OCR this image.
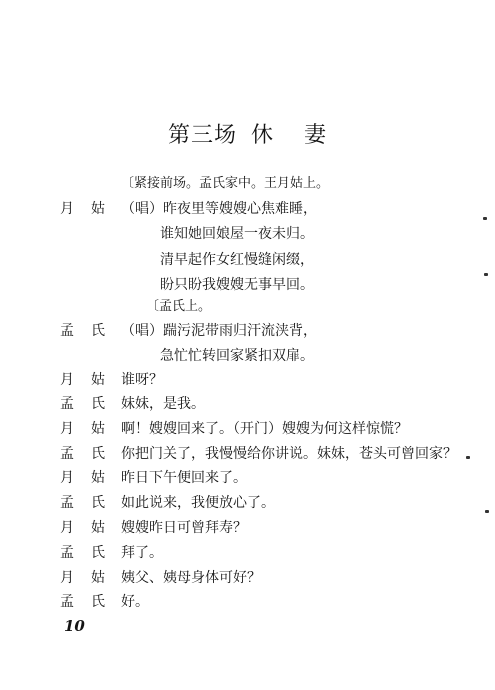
第三场 休 妻
〔紧接前场。孟氏家中。王月姑上。
〔孟氏上。
月 姑 （唱）昨夜里等嫂嫂心焦难睡，
谁知她回娘屋一夜未归。
清早起作女红慢缝闲缀，
盼只盼我嫂嫂无事早回。
孟 氏 （唱）踹污泥带雨归汗流浃背，
急忙忙转回家紧扣双扉。
月 姑 谁呀？
孟 氏 妹妹，是我。
月 姑 啊！嫂嫂回来了。（开门）嫂嫂为何这样惊慌？
孟 氏 你把门关了，我慢慢给你讲说。妹妹，苍头可曾回家？
月 姑 昨日下午便回来了。
孟 氏 如此说来，我便放心了。
月 姑 嫂嫂昨日可曾拜寿？
孟 氏 拜了。
月 姑 姨父、姨母身体可好？
孟 氏 好。
10
